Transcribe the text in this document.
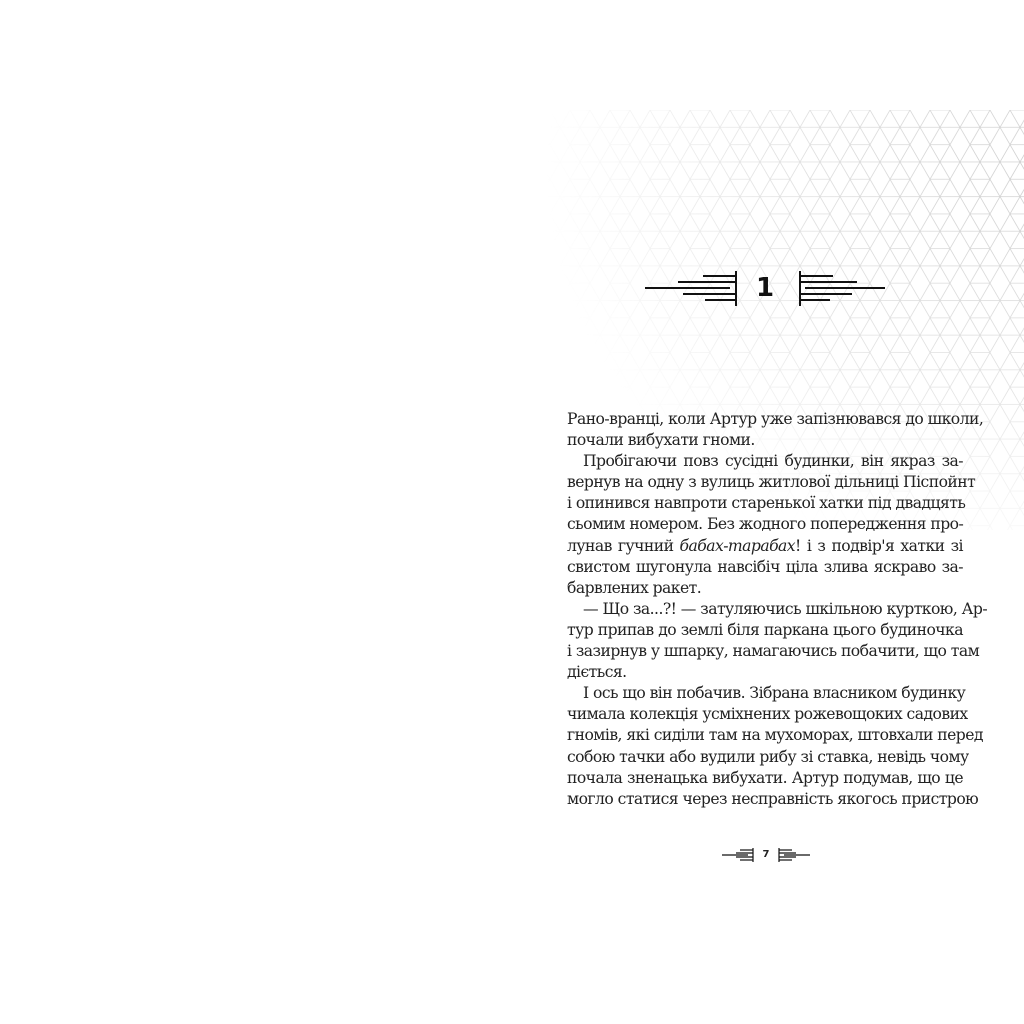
1
Рано-вранці, коли Артур уже запізнювався до школи,
почали вибухати гноми.
Пробігаючи повз сусідні будинки, він якраз за-
вернув на одну з вулиць житлової дільниці Піспойнт
і опинився навпроти старенької хатки під двадцять
сьомим номером. Без жодного попередження про-
лунав гучний бабах-тарабах! і з подвір'я хатки зі
свистом шугонула навсібіч ціла злива яскраво за-
барвлених ракет.
— Що за...?! — затуляючись шкільною курткою, Ар-
тур припав до землі біля паркана цього будиночка
і зазирнув у шпарку, намагаючись побачити, що там
діється.
І ось що він побачив. Зібрана власником будинку
чимала колекція усміхнених рожевощоких садових
гномів, які сиділи там на мухоморах, штовхали перед
собою тачки або вудили рибу зі ставка, невідь чому
почала зненацька вибухати. Артур подумав, що це
могло статися через несправність якогось пристрою
7
